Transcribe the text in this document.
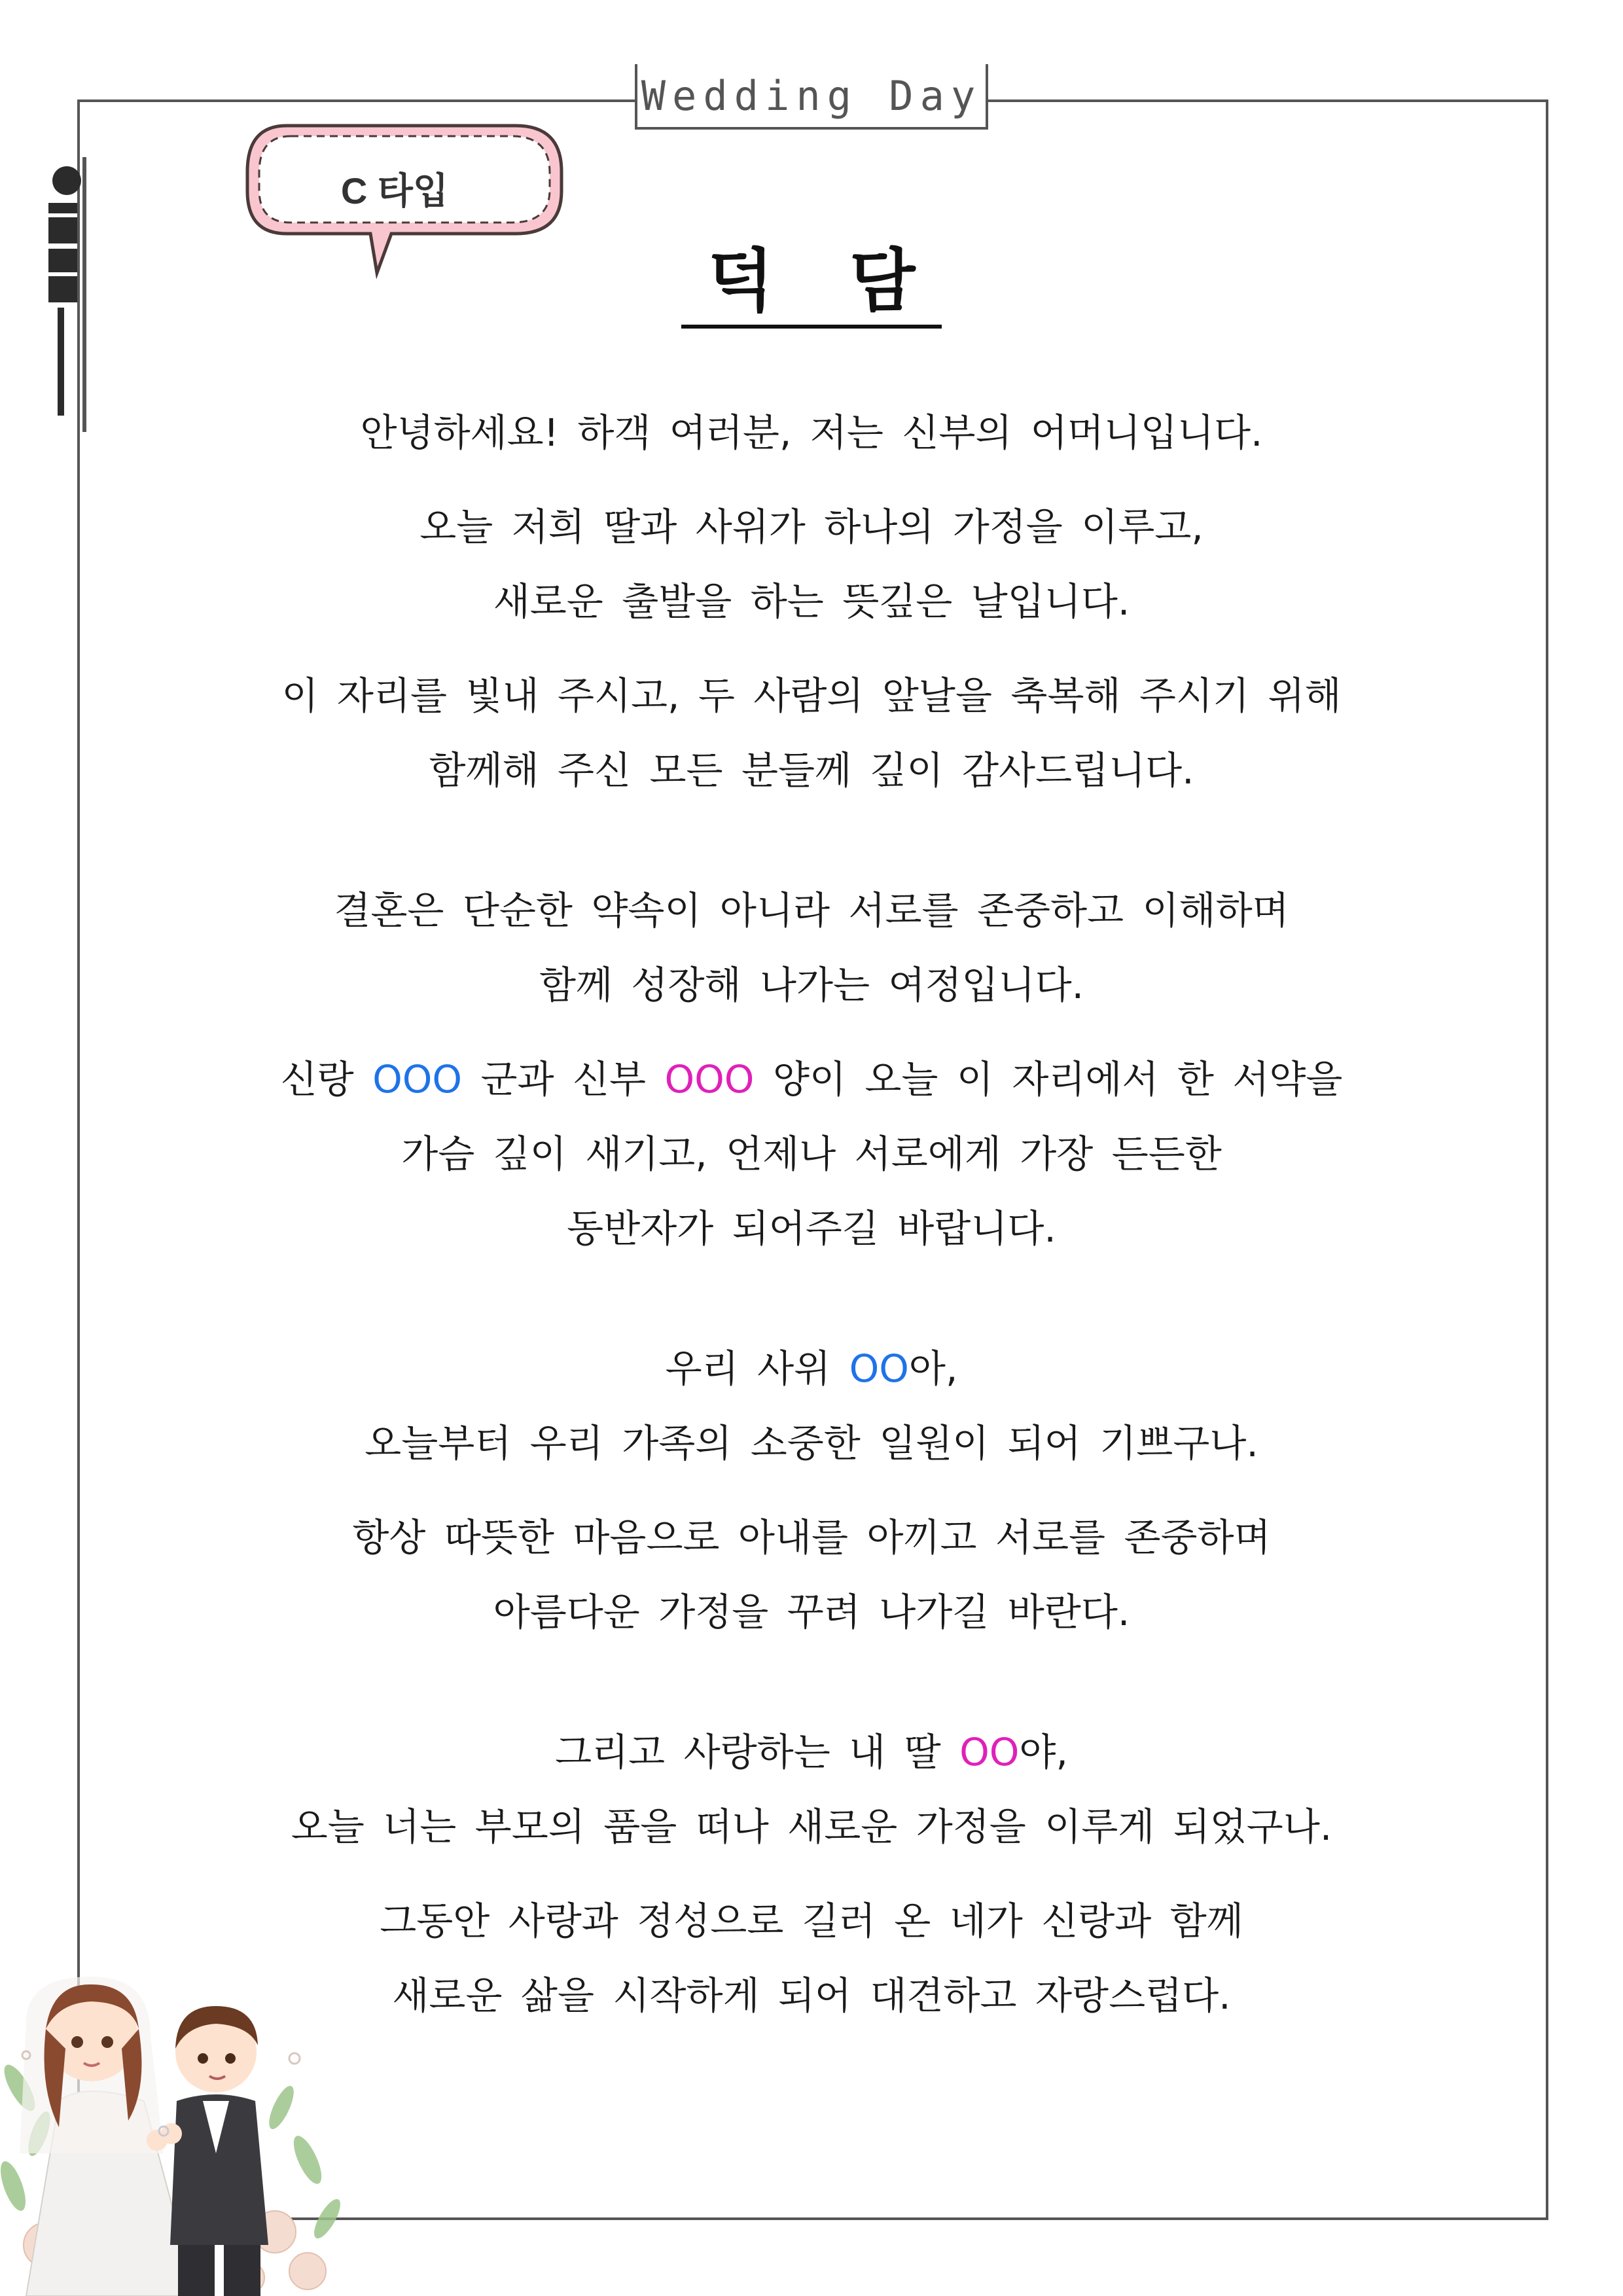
Wedding Day
C 타입
덕 담
안녕하세요! 하객 여러분, 저는 신부의 어머니입니다.
오늘 저희 딸과 사위가 하나의 가정을 이루고,
새로운 출발을 하는 뜻깊은 날입니다.
이 자리를 빛내 주시고, 두 사람의 앞날을 축복해 주시기 위해
함께해 주신 모든 분들께 깊이 감사드립니다.
결혼은 단순한 약속이 아니라 서로를 존중하고 이해하며
함께 성장해 나가는 여정입니다.
신랑 OOO 군과 신부 OOO 양이 오늘 이 자리에서 한 서약을
가슴 깊이 새기고, 언제나 서로에게 가장 든든한
동반자가 되어주길 바랍니다.
우리 사위 OO아,
오늘부터 우리 가족의 소중한 일원이 되어 기쁘구나.
항상 따뜻한 마음으로 아내를 아끼고 서로를 존중하며
아름다운 가정을 꾸려 나가길 바란다.
그리고 사랑하는 내 딸 OO야,
오늘 너는 부모의 품을 떠나 새로운 가정을 이루게 되었구나.
그동안 사랑과 정성으로 길러 온 네가 신랑과 함께
새로운 삶을 시작하게 되어 대견하고 자랑스럽다.
